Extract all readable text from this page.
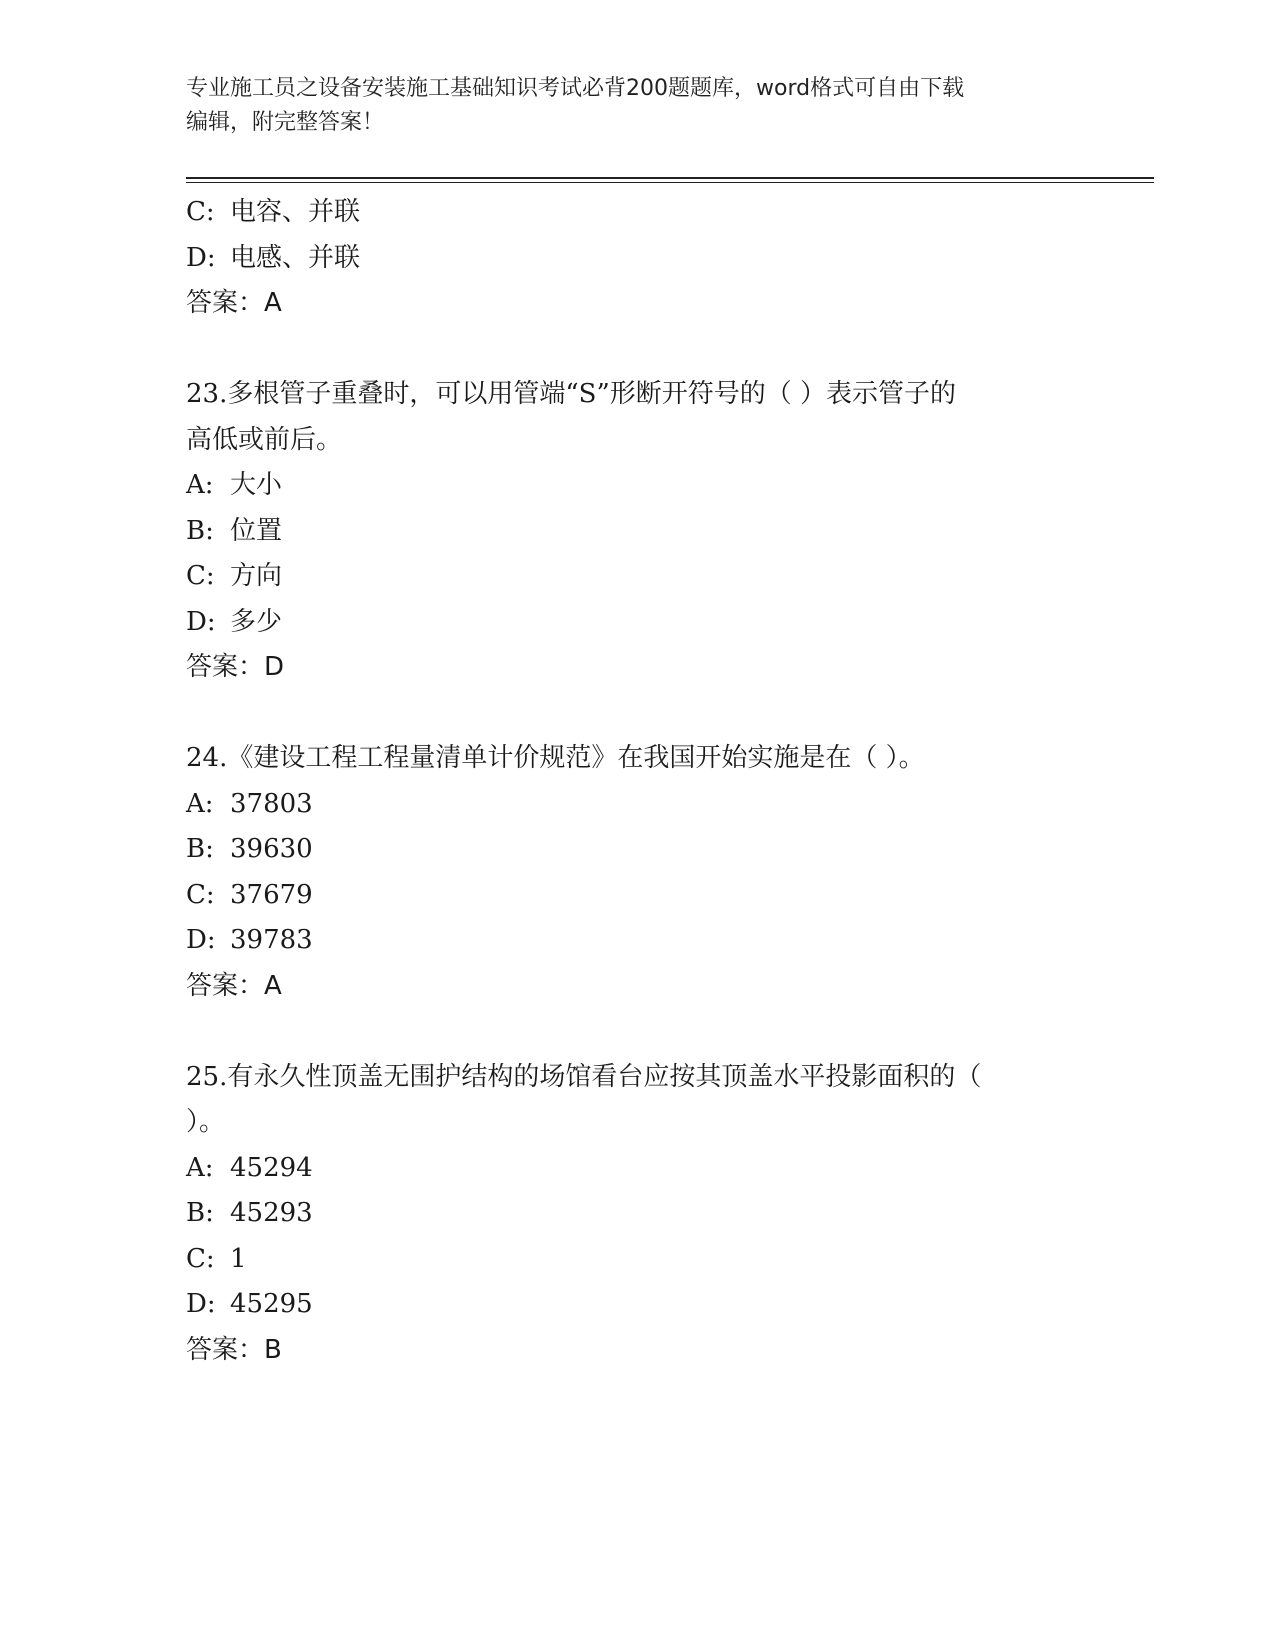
专业施工员之设备安装施工基础知识考试必背200题题库，word格式可自由下载
编辑，附完整答案！
C: 电容、并联
D: 电感、并联
答案：A
23.多根管子重叠时，可以用管端“S”形断开符号的（ ）表示管子的
高低或前后。
A: 大小
B: 位置
C: 方向
D: 多少
答案：D
24.《建设工程工程量清单计价规范》在我国开始实施是在（ ）。
A: 37803
B: 39630
C: 37679
D: 39783
答案：A
25.有永久性顶盖无围护结构的场馆看台应按其顶盖水平投影面积的（
）。
A: 45294
B: 45293
C: 1
D: 45295
答案：B
